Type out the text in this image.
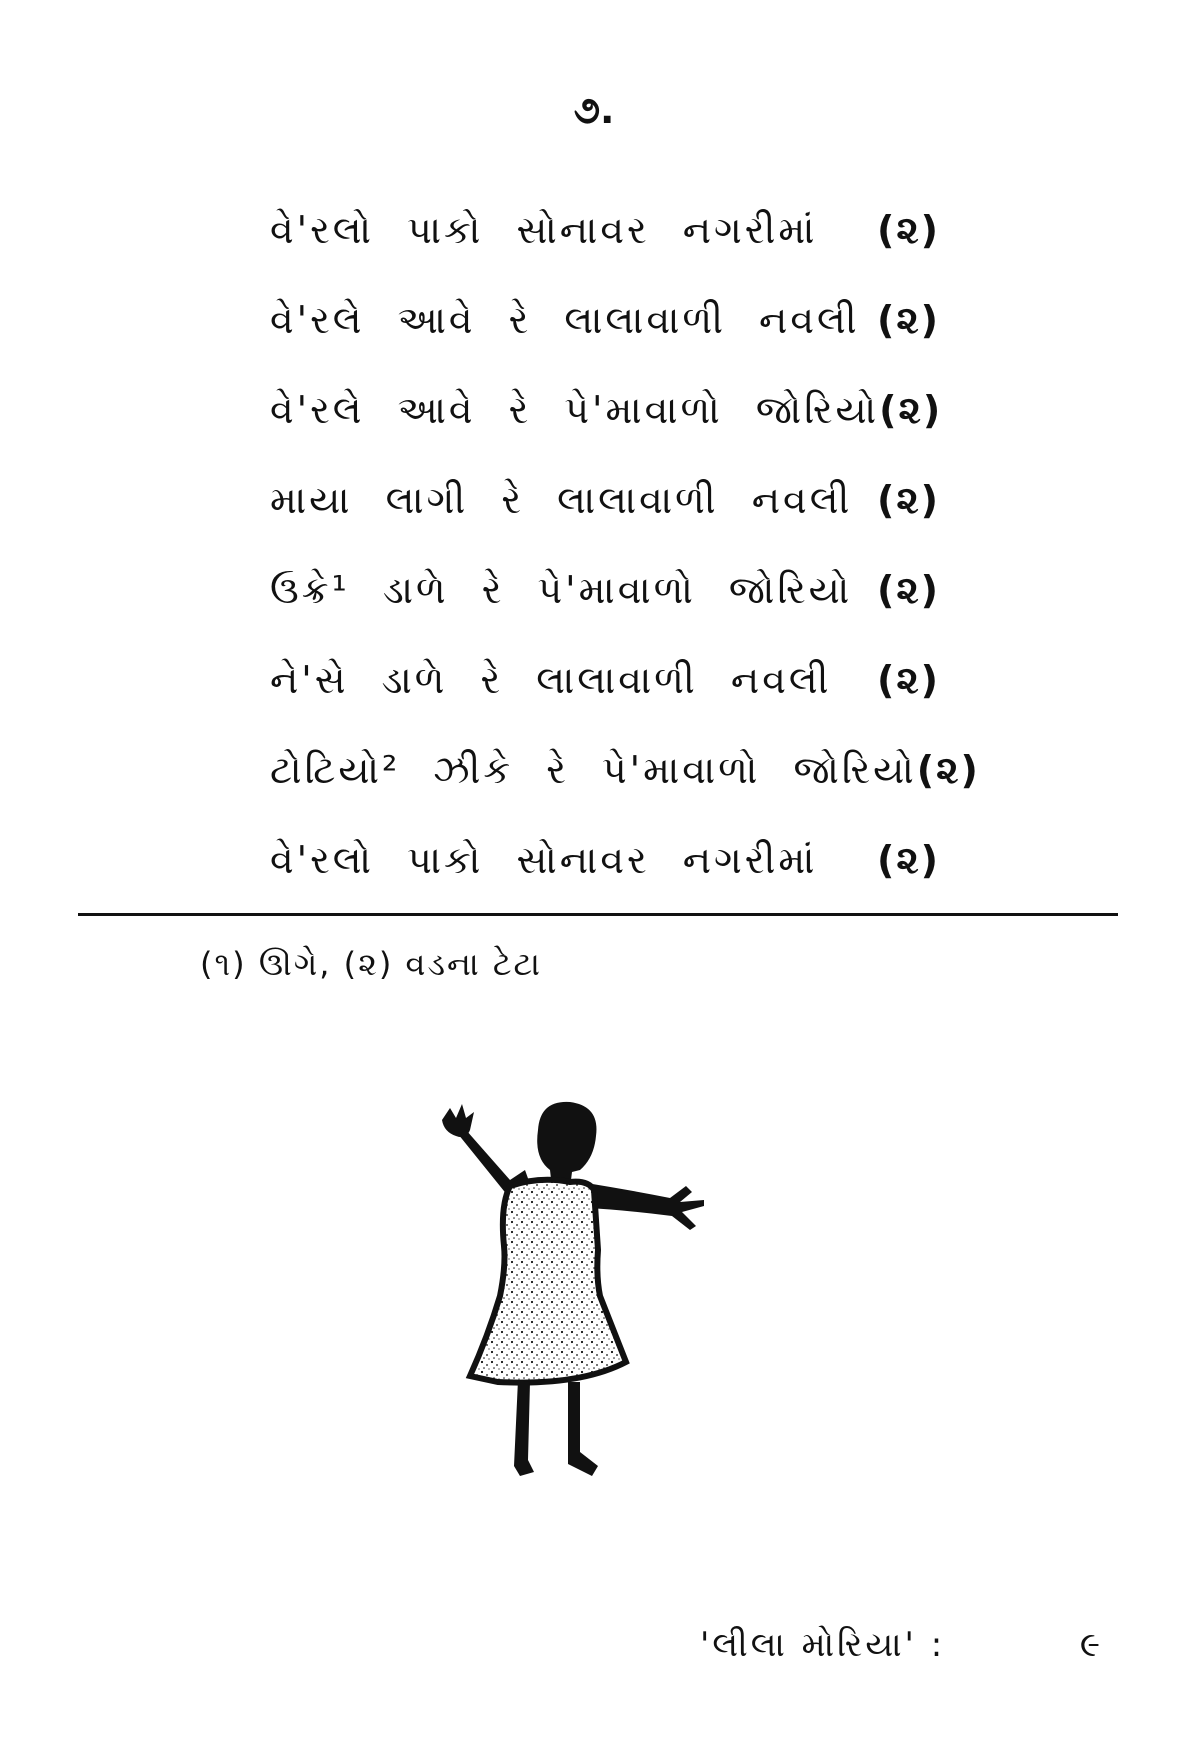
૭.
વે'રલો પાકો સોનાવર નગરીમાં (૨)
વે'રલે આવે રે લાલાવાળી નવલી (૨)
વે'રલે આવે રે પે'માવાળો જોરિયો (૨)
માયા લાગી રે લાલાવાળી નવલી (૨)
ઉક્રે¹ ડાળે રે પે'માવાળો જોરિયો (૨)
ને'સે ડાળે રે લાલાવાળી નવલી (૨)
ટોટિયો² ઝીકે રે પે'માવાળો જોરિયો (૨)
વે'રલો પાકો સોનાવર નગરીમાં (૨)
(૧) ઊગે, (૨) વડના ટેટા
'લીલા મોરિયા' :	૯
